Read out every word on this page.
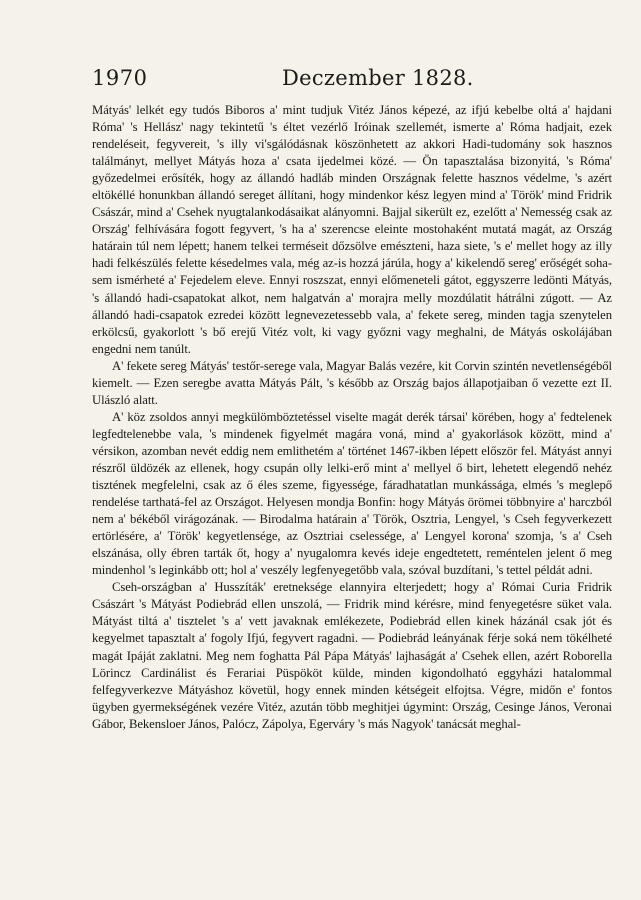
1970	Deczember 1828.

Mátyás' lelkét egy tudós Biboros a' mint tudjuk Vitéz János képezé, az ifjú kebelbe oltá a' hajdani Róma' 's Hellász' nagy tekintetű 's éltet vezérlő Iróinak szellemét, ismerte a' Róma hadjait, ezek rendeléseit, fegyvereit, 's illy vi'sgálódásnak köszönhetett az akkori Hadi-tudomány sok hasznos találmányt, mellyet Mátyás hoza a' csata ijedelmei közé. — Ön tapasztalása bizonyitá, 's Róma' győzedelmei erősíték, hogy az állandó hadláb minden Országnak felette hasznos védelme, 's azért eltökéllé honunkban állandó sereget állítani, hogy mindenkor kész legyen mind a' Török' mind Fridrik Császár, mind a' Csehek nyugtalankodásaikat alányomni. Bajjal sikerült ez, ezelőtt a' Nemesség csak az Ország' felhívására fogott fegyvert, 's ha a' szerencse eleinte mostohaként mutatá magát, az Ország határain túl nem lépett; hanem telkei terméseit dőzsölve emészteni, haza siete, 's e' mellet hogy az illy hadi felkészülés felette késedelmes vala, még az-is hozzá járúla, hogy a' kikelendő sereg' erőségét soha-sem ismérheté a' Fejedelem eleve. Ennyi roszszat, ennyi előmeneteli gátot, eggyszerre ledönti Mátyás, 's állandó hadi-csapatokat alkot, nem halgatván a' morajra melly mozdúlatit hátrálni zúgott. — Az állandó hadi-csapatok ezredei között legnevezetessebb vala, a' fekete sereg, minden tagja szenytelen erkölcsű, gyakorlott 's bő erejű Vitéz volt, ki vagy győzni vagy meghalni, de Mátyás oskolájában engedni nem tanúlt.

A' fekete sereg Mátyás' testőr-serege vala, Magyar Balás vezére, kit Corvin szintén nevetlenségéből kiemelt. — Ezen seregbe avatta Mátyás Pált, 's később az Ország bajos állapotjaiban ő vezette ezt II. Ulászló alatt.

A' köz zsoldos annyi megkülömböztetéssel viselte magát derék társai' körében, hogy a' fedtelenek legfedtelenebbe vala, 's mindenek figyelmét magára voná, mind a' gyakorlások között, mind a' vérsikon, azomban nevét eddig nem emlithetém a' történet 1467-ikben lépett először fel. Mátyást annyi részről üldözék az ellenek, hogy csupán olly lelki-erő mint a' mellyel ő birt, lehetett elegendő nehéz tisztének megfelelni, csak az ő éles szeme, figyessége, fáradhatatlan munkássága, elmés 's meglepő rendelése tarthatá-fel az Országot. Helyesen mondja Bonfin: hogy Mátyás örömei többnyire a' harczból nem a' békéből virágozának. — Birodalma határain a' Török, Osztria, Lengyel, 's Cseh fegyverkezett ertörlésére, a' Török' kegyetlensége, az Osztriai cselessége, a' Lengyel korona' szomja, 's a' Cseh elszánása, olly ébren tarták őt, hogy a' nyugalomra kevés ideje engedtetett, reméntelen jelent ő meg mindenhol 's leginkább ott; hol a' veszély legfenyegetőbb vala, szóval buzdítani, 's tettel példát adni.

Cseh-országban a' Husszíták' eretneksége elannyira elterjedett; hogy a' Római Curia Fridrik Császárt 's Mátyást Podiebrád ellen unszolá, — Fridrik mind kérésre, mind fenyegetésre süket vala. Mátyást tiltá a' tisztelet 's a' vett javaknak emlékezete, Podiebrád ellen kinek házánál csak jót és kegyelmet tapasztalt a' fogoly Ifjú, fegyvert ragadni. — Podiebrád leányának férje soká nem tökélheté magát Ipáját zaklatni. Meg nem foghatta Pál Pápa Mátyás' lajhaságát a' Csehek ellen, azért Roborella Lörincz Cardinálist és Ferariai Püspököt külde, minden kigondolható eggyházi hatalommal felfegyverkezve Mátyáshoz követül, hogy ennek minden kétségeit elfojtsa. Végre, midőn e' fontos ügyben gyermekségének vezére Vitéz, azután több meghitjei úgymint: Ország, Cesinge János, Veronai Gábor, Bekensloer János, Palócz, Zápolya, Egerváry 's más Nagyok' tanácsát meghal-
